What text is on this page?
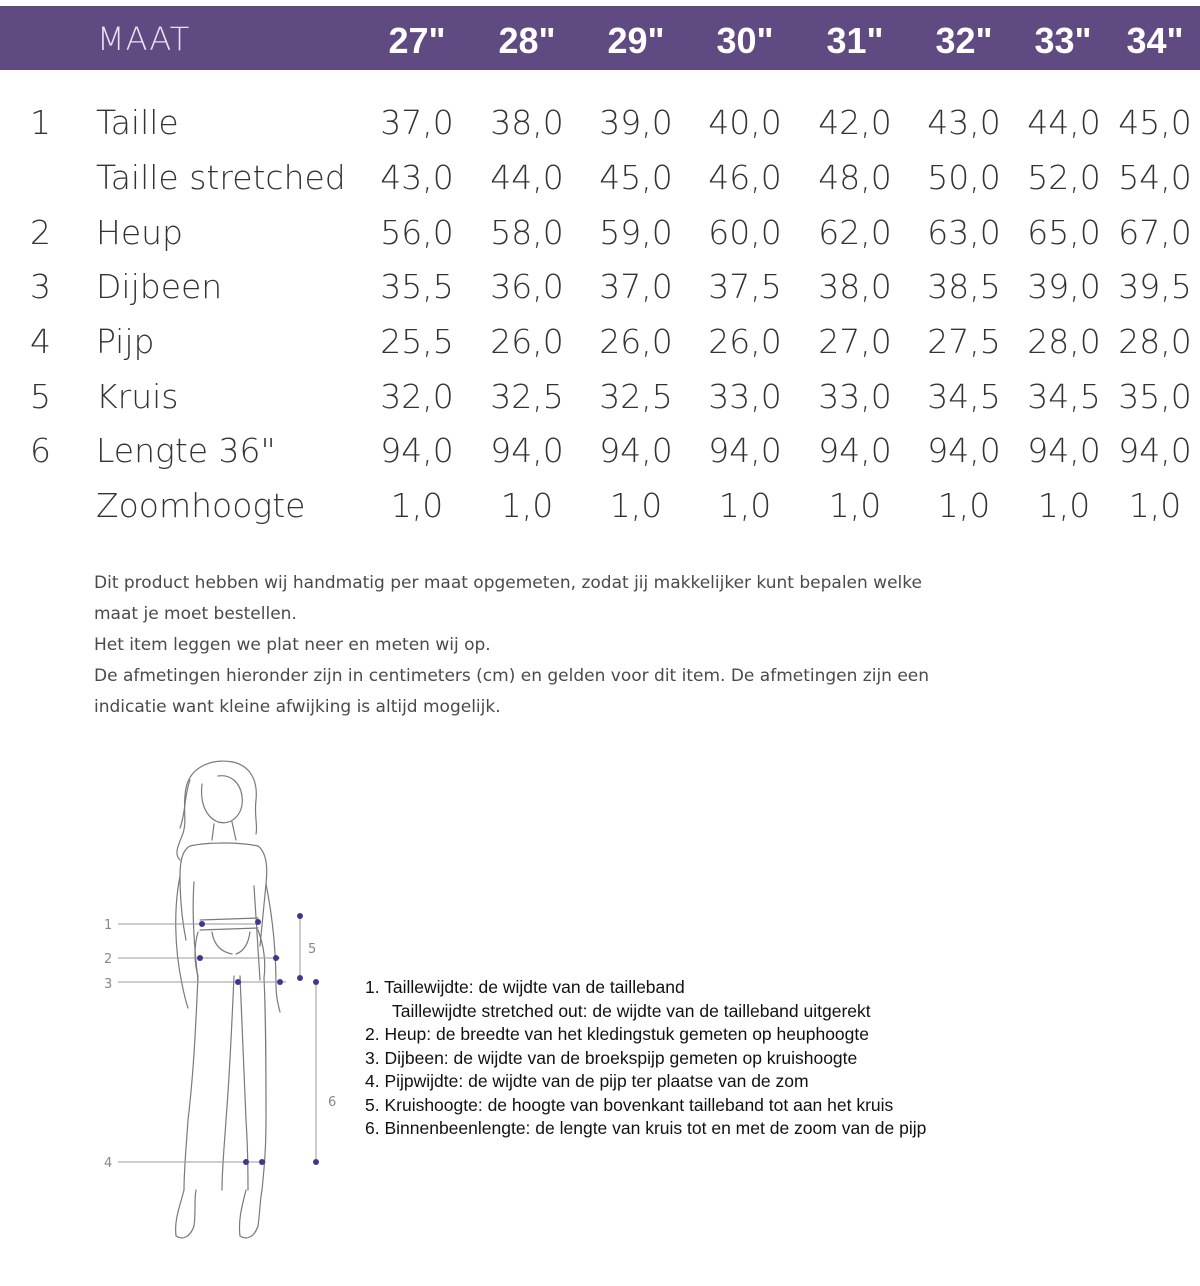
MAAT	27"	28"	29"	30"	31"	32"	33" 34"
1 Taille	37,0	38,0	39,0	40,0	42,0	43,0 44,0 45,0
Taille stretched	43,0	44,0	45,0	46,0	48,0	50,0 52,0 54,0
2 Heup	56,0	58,0	59,0	60,0	62,0	63,0 65,0 67,0
3 Dijbeen	35,5	36,0	37,0	37,5	38,0	38,5 39,0 39,5
4 Pijp	25,5	26,0	26,0	26,0	27,0	27,5 28,0 28,0
5 Kruis	32,0	32,5	32,5	33,0	33,0	34,5 34,5 35,0
6 Lengte 36"	94,0	94,0	94,0	94,0	94,0	94,0 94,0 94,0
Zoomhoogte	1,0	1,0	1,0	1,0	1,0	1,0	1,0	1,0
Dit product hebben wij handmatig per maat opgemeten, zodat jij makkelijker kunt bepalen welke
maat je moet bestellen.
Het item leggen we plat neer en meten wij op.
De afmetingen hieronder zijn in centimeters (cm) en gelden voor dit item. De afmetingen zijn een
indicatie want kleine afwijking is altijd mogelijk.
1
2
3
4
5
6
1. Taillewijdte: de wijdte van de tailleband
Taillewijdte stretched out: de wijdte van de tailleband uitgerekt
2. Heup: de breedte van het kledingstuk gemeten op heuphoogte
3. Dijbeen: de wijdte van de broekspijp gemeten op kruishoogte
4. Pijpwijdte: de wijdte van de pijp ter plaatse van de zom
5. Kruishoogte: de hoogte van bovenkant tailleband tot aan het kruis
6. Binnenbeenlengte: de lengte van kruis tot en met de zoom van de pijp
